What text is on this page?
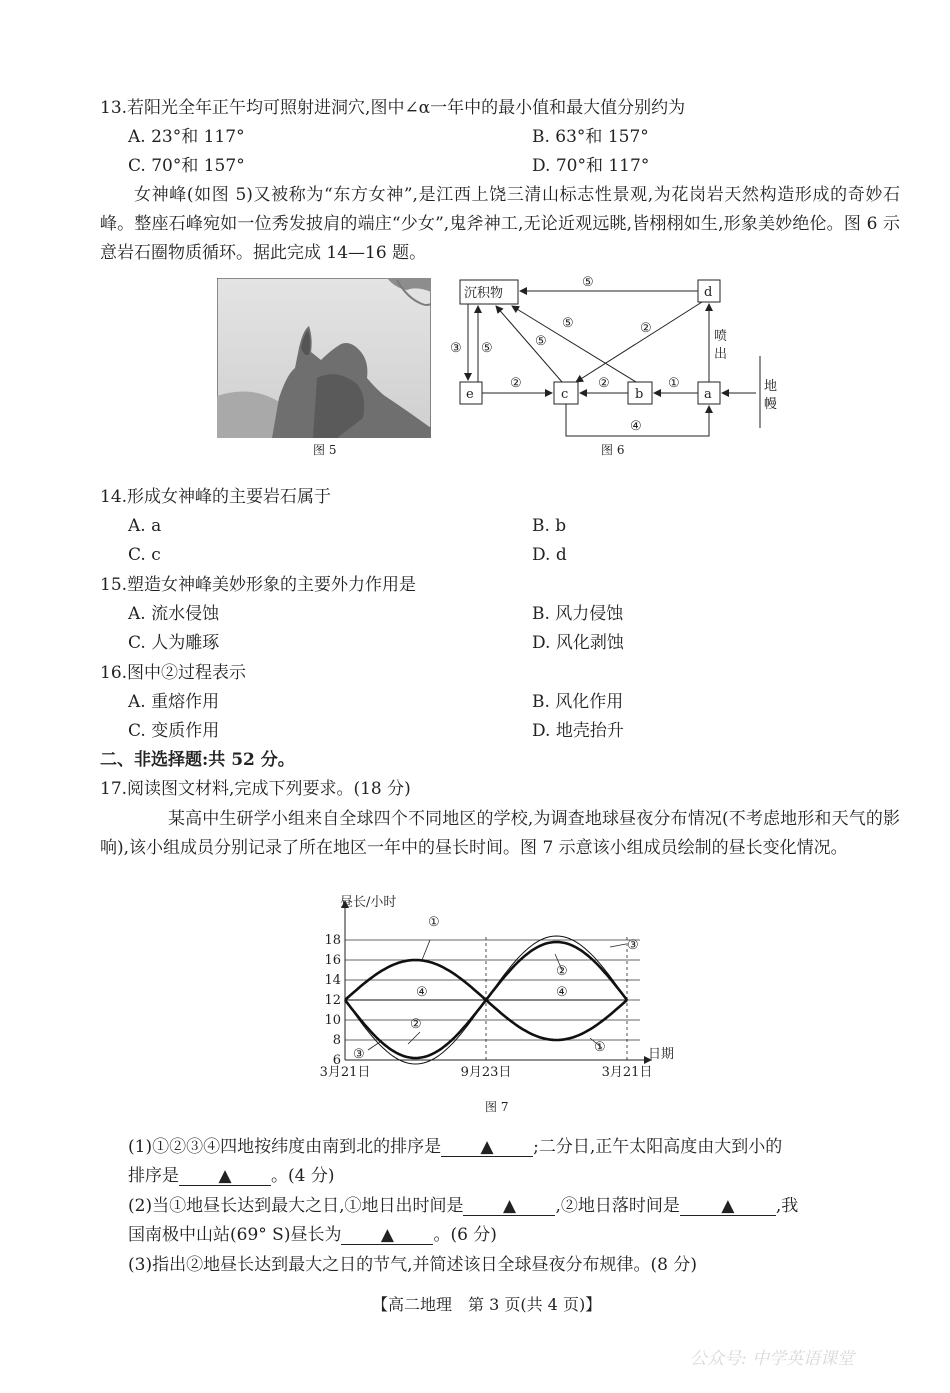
13.若阳光全年正午均可照射进洞穴,图中∠α一年中的最小值和最大值分别约为
A. 23°和 117°	B. 63°和 157°
C. 70°和 157°	D. 70°和 117°
女神峰(如图 5)又被称为“东方女神”,是江西上饶三清山标志性景观,为花岗岩天然构造形成的奇妙石峰。整座石峰宛如一位秀发披肩的端庄“少女”,鬼斧神工,无论近观远眺,皆栩栩如生,形象美妙绝伦。图 6 示意岩石圈物质循环。据此完成 14—16 题。
图 5
沉积物	d
e	c	b	a
喷
出
地
幔
⑤
③ ⑤
⑤
⑤
②
②	②	①
④
图 6
14.形成女神峰的主要岩石属于
A. a	B. b
C. c	D. d
15.塑造女神峰美妙形象的主要外力作用是
A. 流水侵蚀	B. 风力侵蚀
C. 人为雕琢	D. 风化剥蚀
16.图中②过程表示
A. 重熔作用	B. 风化作用
C. 变质作用	D. 地壳抬升
二、非选择题:共 52 分。
17.阅读图文材料,完成下列要求。(18 分)
某高中生研学小组来自全球四个不同地区的学校,为调查地球昼夜分布情况(不考虑地形和天气的影响),该小组成员分别记录了所在地区一年中的昼长时间。图 7 示意该小组成员绘制的昼长变化情况。
18
16
14
12
10
8
6
昼长/小时
日期
3月21日	9月23日	3月21日
①
①
②
②
③
③
④	④
图 7
(1)①②③④四地按纬度由南到北的排序是 ▲ ;二分日,正午太阳高度由大到小的
排序是 ▲ 。(4 分)
(2)当①地昼长达到最大之日,①地日出时间是 ▲ ,②地日落时间是 ▲ ,我
国南极中山站(69° S)昼长为 ▲ 。(6 分)
(3)指出②地昼长达到最大之日的节气,并简述该日全球昼夜分布规律。(8 分)
【高二地理　第 3 页(共 4 页)】
公众号: 中学英语课堂
